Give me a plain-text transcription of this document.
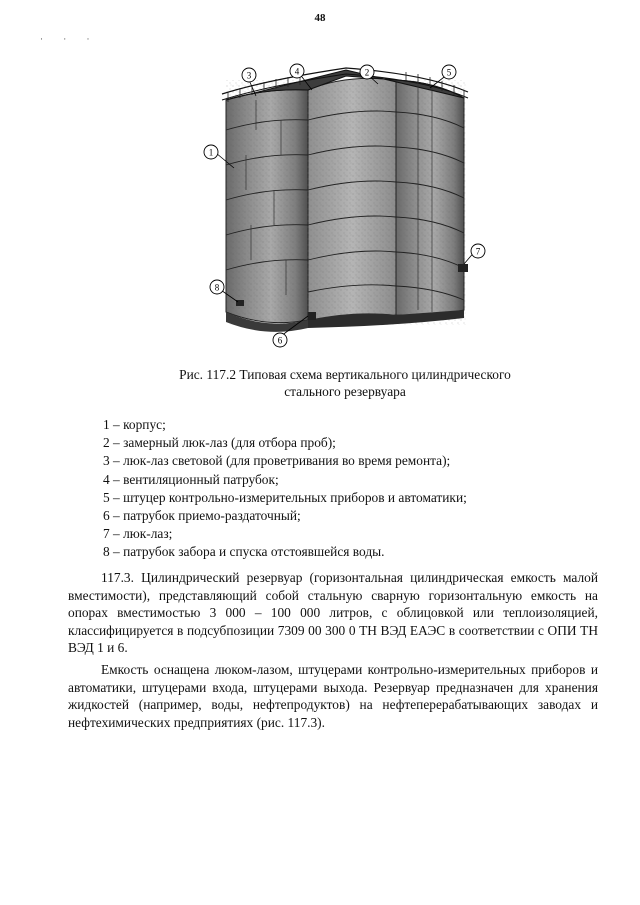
48
· · ·
1
2
3	4	5
6
7
8
Рис. 117.2 Типовая схема вертикального цилиндрического
стального резервуара
1 – корпус;
2 – замерный люк-лаз (для отбора проб);
3 – люк-лаз световой (для проветривания во время ремонта);
4 – вентиляционный патрубок;
5 – штуцер контрольно-измерительных приборов и автоматики;
6 – патрубок приемо-раздаточный;
7 – люк-лаз;
8 – патрубок забора и спуска отстоявшейся воды.

117.3. Цилиндрический резервуар (горизонтальная цилиндрическая емкость малой вместимости), представляющий собой стальную сварную горизонтальную емкость на опорах вместимостью 3 000 – 100 000 литров, с облицовкой или теплоизоляцией, классифицируется в подсубпозиции 7309 00 300 0 ТН ВЭД ЕАЭС в соответствии с ОПИ ТН ВЭД 1 и 6.

Емкость оснащена люком-лазом, штуцерами контрольно-измерительных приборов и автоматики, штуцерами входа, штуцерами выхода. Резервуар предназначен для хранения жидкостей (например, воды, нефтепродуктов) на нефтеперерабатывающих заводах и нефтехимических предприятиях (рис. 117.3).
